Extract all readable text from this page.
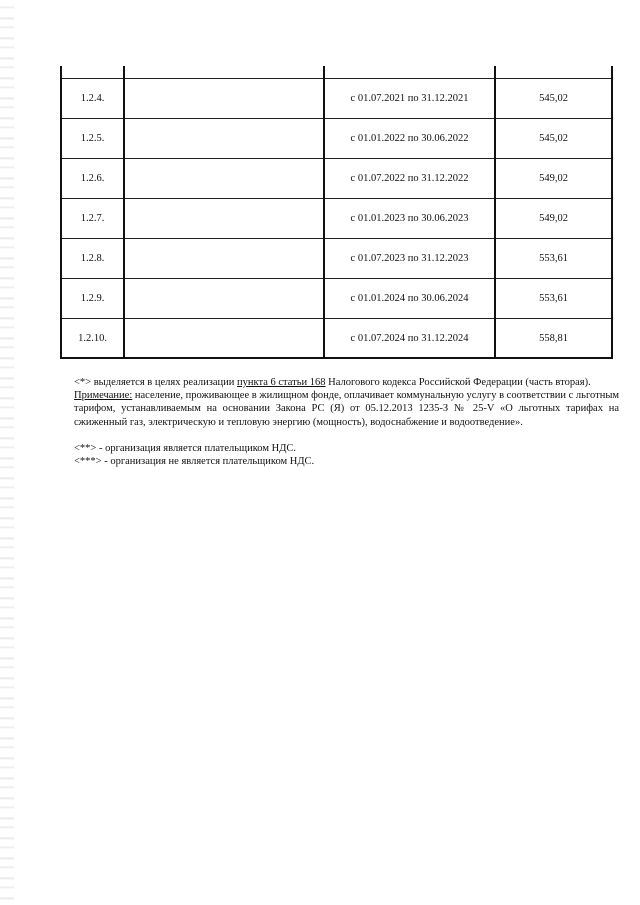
1.2.4.		с 01.07.2021 по 31.12.2021	545,02
1.2.5.		с 01.01.2022 по 30.06.2022	545,02
1.2.6.		с 01.07.2022 по 31.12.2022	549,02
1.2.7.		с 01.01.2023 по 30.06.2023	549,02
1.2.8.		с 01.07.2023 по 31.12.2023	553,61
1.2.9.		с 01.01.2024 по 30.06.2024	553,61
1.2.10.		с 01.07.2024 по 31.12.2024	558,81

<*> выделяется в целях реализации пункта 6 статьи 168 Налогового кодекса Российской Федерации (часть вторая).

Примечание: население, проживающее в жилищном фонде, оплачивает коммунальную услугу в соответствии с льготным тарифом, устанавливаемым на основании Закона РС (Я) от 05.12.2013 1235-З № 25-V «О льготных тарифах на сжиженный газ, электрическую и тепловую энергию (мощность), водоснабжение и водоотведение».

<**> - организация является плательщиком НДС.

<***> - организация не является плательщиком НДС.
